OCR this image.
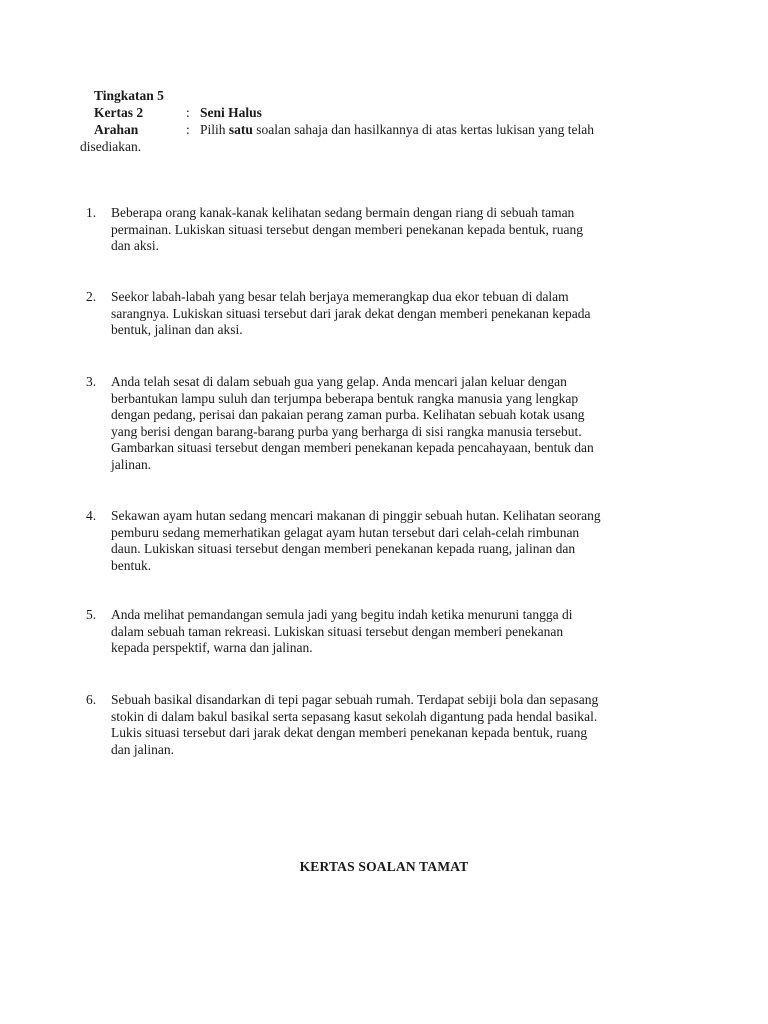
Tingkatan 5
Kertas 2	: Seni Halus
Arahan	: Pilih satu soalan sahaja dan hasilkannya di atas kertas lukisan yang telah
disediakan.
1.	Beberapa orang kanak-kanak kelihatan sedang bermain dengan riang di sebuah taman
permainan. Lukiskan situasi tersebut dengan memberi penekanan kepada bentuk, ruang
dan aksi.
2.	Seekor labah-labah yang besar telah berjaya memerangkap dua ekor tebuan di dalam
sarangnya. Lukiskan situasi tersebut dari jarak dekat dengan memberi penekanan kepada
bentuk, jalinan dan aksi.
3.	Anda telah sesat di dalam sebuah gua yang gelap. Anda mencari jalan keluar dengan
berbantukan lampu suluh dan terjumpa beberapa bentuk rangka manusia yang lengkap
dengan pedang, perisai dan pakaian perang zaman purba. Kelihatan sebuah kotak usang
yang berisi dengan barang-barang purba yang berharga di sisi rangka manusia tersebut.
Gambarkan situasi tersebut dengan memberi penekanan kepada pencahayaan, bentuk dan
jalinan.
4.	Sekawan ayam hutan sedang mencari makanan di pinggir sebuah hutan. Kelihatan seorang
pemburu sedang memerhatikan gelagat ayam hutan tersebut dari celah-celah rimbunan
daun. Lukiskan situasi tersebut dengan memberi penekanan kepada ruang, jalinan dan
bentuk.
5.	Anda melihat pemandangan semula jadi yang begitu indah ketika menuruni tangga di
dalam sebuah taman rekreasi. Lukiskan situasi tersebut dengan memberi penekanan
kepada perspektif, warna dan jalinan.
6.	Sebuah basikal disandarkan di tepi pagar sebuah rumah. Terdapat sebiji bola dan sepasang
stokin di dalam bakul basikal serta sepasang kasut sekolah digantung pada hendal basikal.
Lukis situasi tersebut dari jarak dekat dengan memberi penekanan kepada bentuk, ruang
dan jalinan.
KERTAS SOALAN TAMAT
